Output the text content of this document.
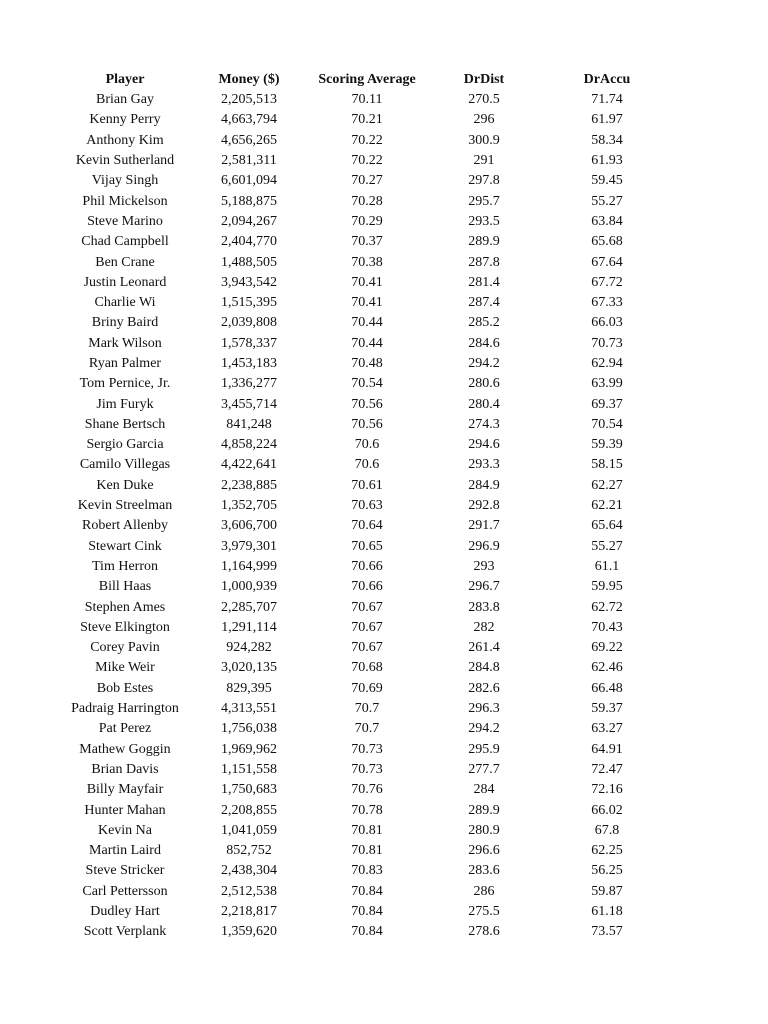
Player	Money ($)	Scoring Average	DrDist	DrAccu
Brian Gay	2,205,513	70.11	270.5	71.74
Kenny Perry	4,663,794	70.21	296	61.97
Anthony Kim	4,656,265	70.22	300.9	58.34
Kevin Sutherland	2,581,311	70.22	291	61.93
Vijay Singh	6,601,094	70.27	297.8	59.45
Phil Mickelson	5,188,875	70.28	295.7	55.27
Steve Marino	2,094,267	70.29	293.5	63.84
Chad Campbell	2,404,770	70.37	289.9	65.68
Ben Crane	1,488,505	70.38	287.8	67.64
Justin Leonard	3,943,542	70.41	281.4	67.72
Charlie Wi	1,515,395	70.41	287.4	67.33
Briny Baird	2,039,808	70.44	285.2	66.03
Mark Wilson	1,578,337	70.44	284.6	70.73
Ryan Palmer	1,453,183	70.48	294.2	62.94
Tom Pernice, Jr.	1,336,277	70.54	280.6	63.99
Jim Furyk	3,455,714	70.56	280.4	69.37
Shane Bertsch	841,248	70.56	274.3	70.54
Sergio Garcia	4,858,224	70.6	294.6	59.39
Camilo Villegas	4,422,641	70.6	293.3	58.15
Ken Duke	2,238,885	70.61	284.9	62.27
Kevin Streelman	1,352,705	70.63	292.8	62.21
Robert Allenby	3,606,700	70.64	291.7	65.64
Stewart Cink	3,979,301	70.65	296.9	55.27
Tim Herron	1,164,999	70.66	293	61.1
Bill Haas	1,000,939	70.66	296.7	59.95
Stephen Ames	2,285,707	70.67	283.8	62.72
Steve Elkington	1,291,114	70.67	282	70.43
Corey Pavin	924,282	70.67	261.4	69.22
Mike Weir	3,020,135	70.68	284.8	62.46
Bob Estes	829,395	70.69	282.6	66.48
Padraig Harrington	4,313,551	70.7	296.3	59.37
Pat Perez	1,756,038	70.7	294.2	63.27
Mathew Goggin	1,969,962	70.73	295.9	64.91
Brian Davis	1,151,558	70.73	277.7	72.47
Billy Mayfair	1,750,683	70.76	284	72.16
Hunter Mahan	2,208,855	70.78	289.9	66.02
Kevin Na	1,041,059	70.81	280.9	67.8
Martin Laird	852,752	70.81	296.6	62.25
Steve Stricker	2,438,304	70.83	283.6	56.25
Carl Pettersson	2,512,538	70.84	286	59.87
Dudley Hart	2,218,817	70.84	275.5	61.18
Scott Verplank	1,359,620	70.84	278.6	73.57
